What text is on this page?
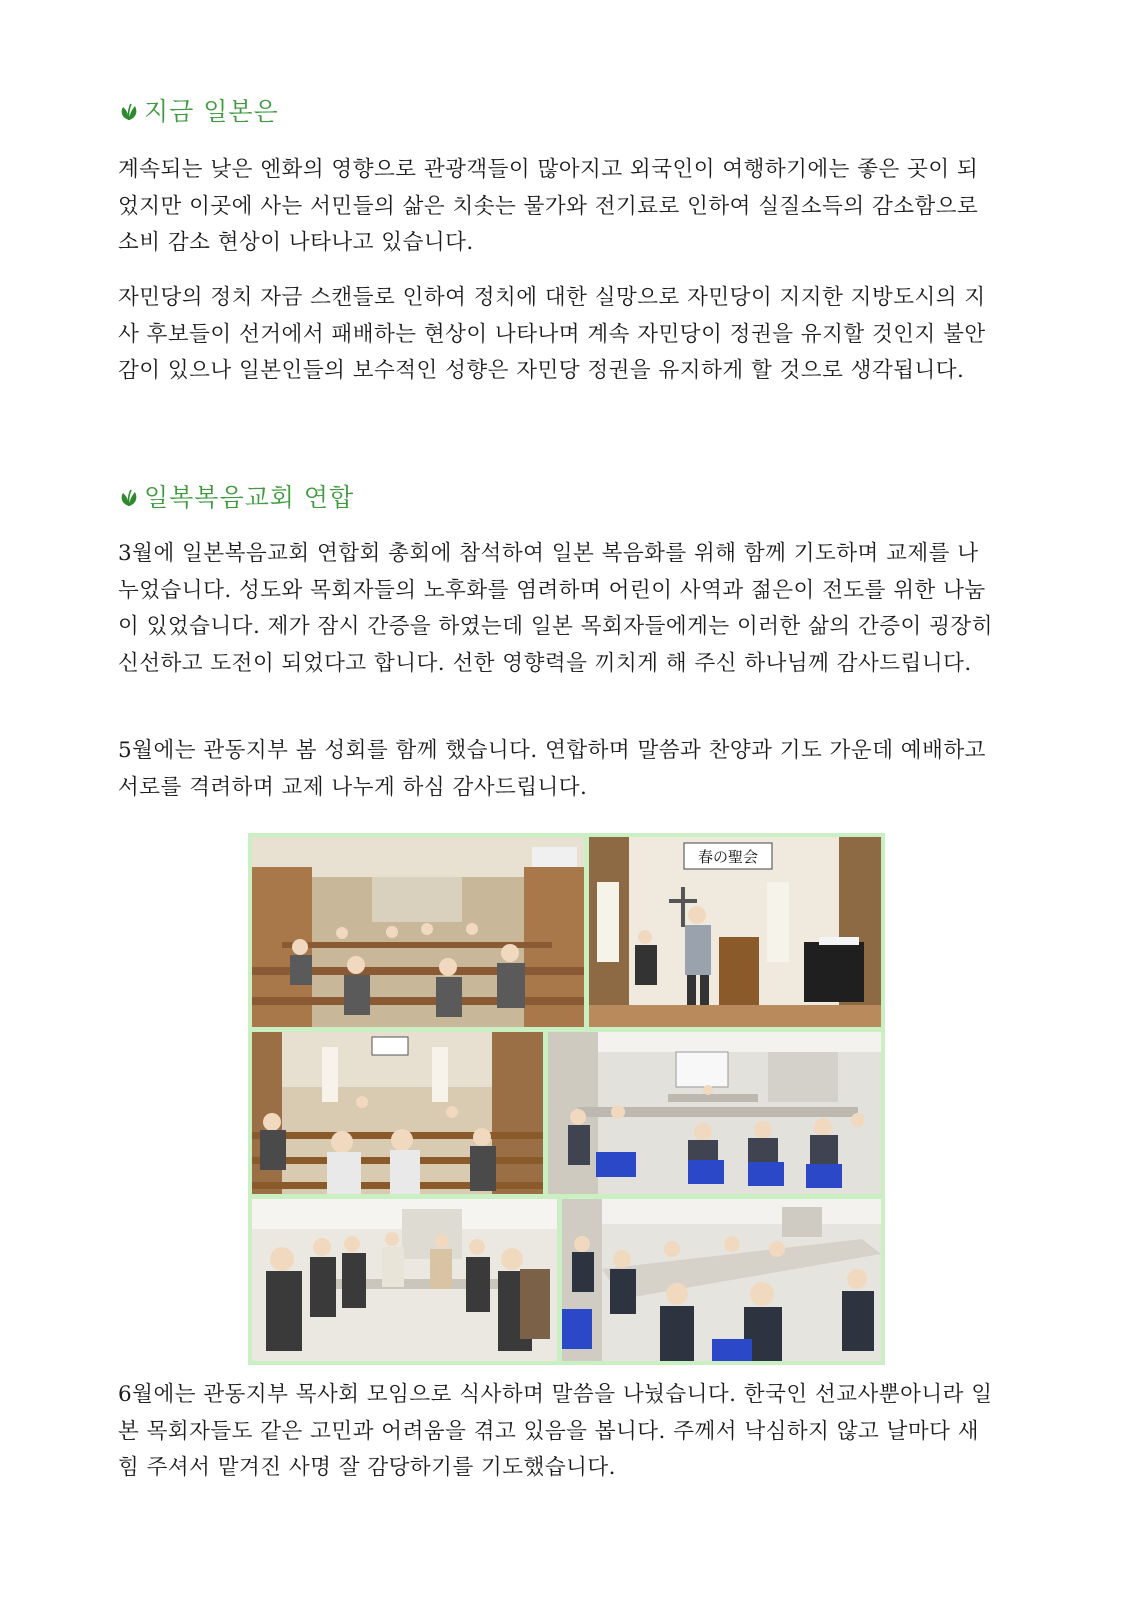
지금 일본은

계속되는 낮은 엔화의 영향으로 관광객들이 많아지고 외국인이 여행하기에는 좋은 곳이 되었지만 이곳에 사는 서민들의 삶은 치솟는 물가와 전기료로 인하여 실질소득의 감소함으로 소비 감소 현상이 나타나고 있습니다.

자민당의 정치 자금 스캔들로 인하여 정치에 대한 실망으로 자민당이 지지한 지방도시의 지사 후보들이 선거에서 패배하는 현상이 나타나며 계속 자민당이 정권을 유지할 것인지 불안감이 있으나 일본인들의 보수적인 성향은 자민당 정권을 유지하게 할 것으로 생각됩니다.

일복복음교회 연합

3월에 일본복음교회 연합회 총회에 참석하여 일본 복음화를 위해 함께 기도하며 교제를 나누었습니다. 성도와 목회자들의 노후화를 염려하며 어린이 사역과 젊은이 전도를 위한 나눔이 있었습니다. 제가 잠시 간증을 하였는데 일본 목회자들에게는 이러한 삶의 간증이 굉장히 신선하고 도전이 되었다고 합니다. 선한 영향력을 끼치게 해 주신 하나님께 감사드립니다.

5월에는 관동지부 봄 성회를 함께 했습니다. 연합하며 말씀과 찬양과 기도 가운데 예배하고 서로를 격려하며 교제 나누게 하심 감사드립니다.

春の聖会

6월에는 관동지부 목사회 모임으로 식사하며 말씀을 나눴습니다. 한국인 선교사뿐아니라 일본 목회자들도 같은 고민과 어려움을 겪고 있음을 봅니다. 주께서 낙심하지 않고 날마다 새 힘 주셔서 맡겨진 사명 잘 감당하기를 기도했습니다.
